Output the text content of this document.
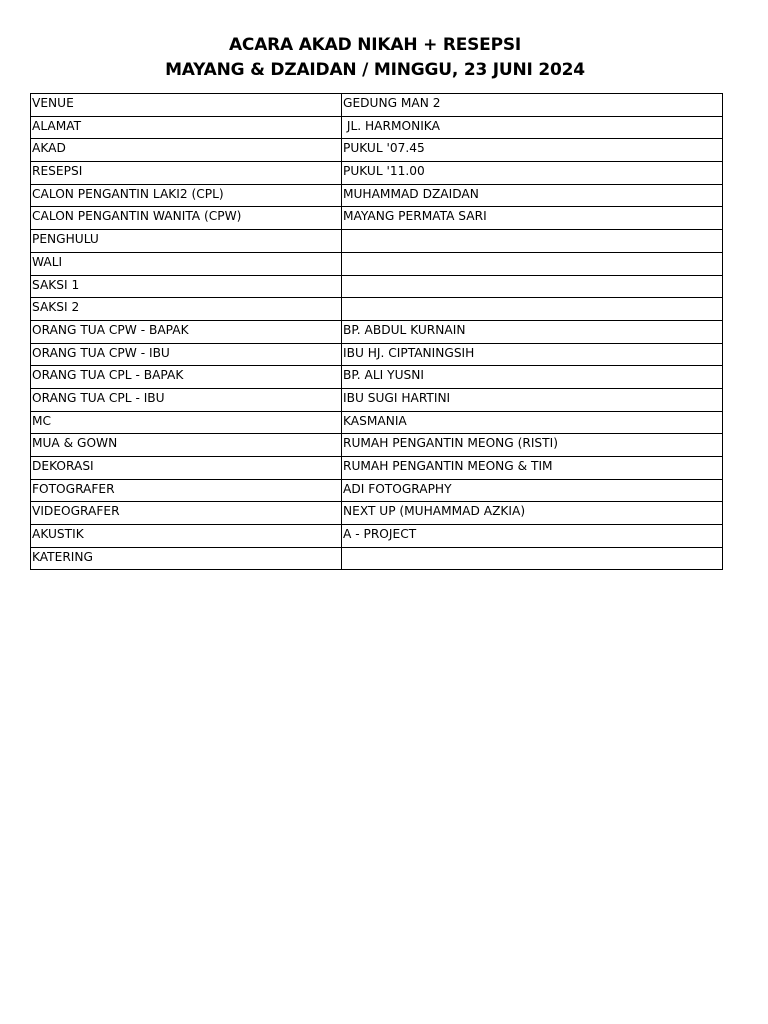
ACARA AKAD NIKAH + RESEPSI
MAYANG & DZAIDAN / MINGGU, 23 JUNI 2024
VENUE	GEDUNG MAN 2
ALAMAT	JL. HARMONIKA
AKAD	PUKUL '07.45
RESEPSI	PUKUL '11.00
CALON PENGANTIN LAKI2 (CPL)	MUHAMMAD DZAIDAN
CALON PENGANTIN WANITA (CPW)	MAYANG PERMATA SARI
PENGHULU	
WALI	
SAKSI 1	
SAKSI 2	
ORANG TUA CPW - BAPAK	BP. ABDUL KURNAIN
ORANG TUA CPW - IBU	IBU HJ. CIPTANINGSIH
ORANG TUA CPL - BAPAK	BP. ALI YUSNI
ORANG TUA CPL - IBU	IBU SUGI HARTINI
MC	KASMANIA
MUA & GOWN	RUMAH PENGANTIN MEONG (RISTI)
DEKORASI	RUMAH PENGANTIN MEONG & TIM
FOTOGRAFER	ADI FOTOGRAPHY
VIDEOGRAFER	NEXT UP (MUHAMMAD AZKIA)
AKUSTIK	A - PROJECT
KATERING	
